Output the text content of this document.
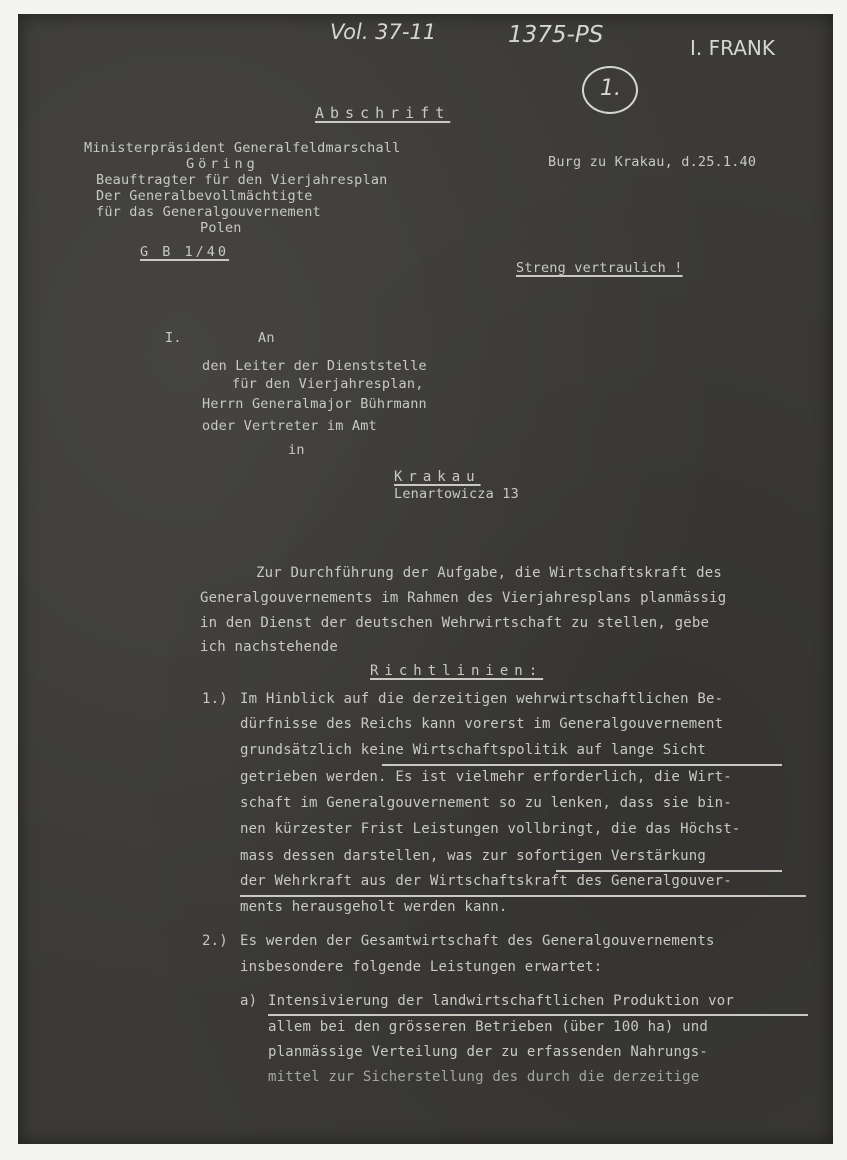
Vol. 37-11	1375-PS	I. FRANK
1.
Abschrift
Ministerpräsident Generalfeldmarschall
Göring
Beauftragter für den Vierjahresplan
Der Generalbevollmächtigte
für das Generalgouvernement
Polen
G B 1/40
Burg zu Krakau, d.25.1.40
Streng vertraulich !
I.	An
den Leiter der Dienststelle
für den Vierjahresplan,
Herrn Generalmajor Bührmann
oder Vertreter im Amt
in
Krakau
Lenartowicza 13
Zur Durchführung der Aufgabe, die Wirtschaftskraft des
Generalgouvernements im Rahmen des Vierjahresplans planmässig
in den Dienst der deutschen Wehrwirtschaft zu stellen, gebe
ich nachstehende
Richtlinien:
1.) Im Hinblick auf die derzeitigen wehrwirtschaftlichen Be-
dürfnisse des Reichs kann vorerst im Generalgouvernement
grundsätzlich keine Wirtschaftspolitik auf lange Sicht
getrieben werden. Es ist vielmehr erforderlich, die Wirt-
schaft im Generalgouvernement so zu lenken, dass sie bin-
nen kürzester Frist Leistungen vollbringt, die das Höchst-
mass dessen darstellen, was zur sofortigen Verstärkung
der Wehrkraft aus der Wirtschaftskraft des Generalgouver-
ments herausgeholt werden kann.
2.) Es werden der Gesamtwirtschaft des Generalgouvernements
insbesondere folgende Leistungen erwartet:
a) Intensivierung der landwirtschaftlichen Produktion vor
allem bei den grösseren Betrieben (über 100 ha) und
planmässige Verteilung der zu erfassenden Nahrungs-
mittel zur Sicherstellung des durch die derzeitige
